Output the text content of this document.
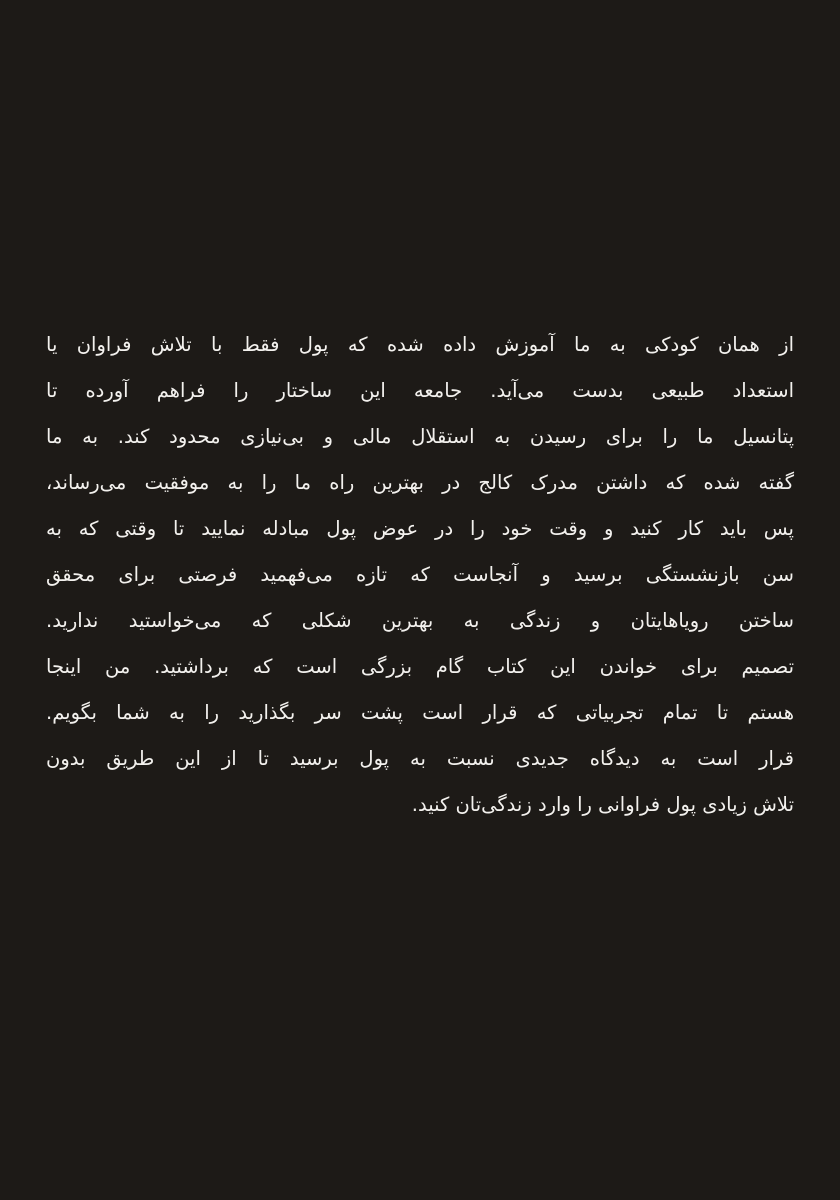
از همان کودکی به ما آموزش داده شده که پول فقط با تلاش فراوان یا
استعداد طبیعی بدست می‌آید. جامعه این ساختار را فراهم آورده تا
پتانسیل ما را برای رسیدن به استقلال مالی و بی‌نیازی محدود کند. به ما
گفته شده که داشتن مدرک کالج در بهترین راه ما را به موفقیت می‌رساند،
پس باید کار کنید و وقت خود را در عوض پول مبادله نمایید تا وقتی که به
سن بازنشستگی برسید و آنجاست که تازه می‌فهمید فرصتی برای محقق
ساختن رویاهایتان و زندگی به بهترین شکلی که می‌خواستید ندارید.
تصمیم برای خواندن این کتاب گام بزرگی است که برداشتید. من اینجا
هستم تا تمام تجربیاتی که قرار است پشت سر بگذارید را به شما بگویم.
قرار است به دیدگاه جدیدی نسبت به پول برسید تا از این طریق بدون
تلاش زیادی پول فراوانی را وارد زندگی‌تان کنید.
